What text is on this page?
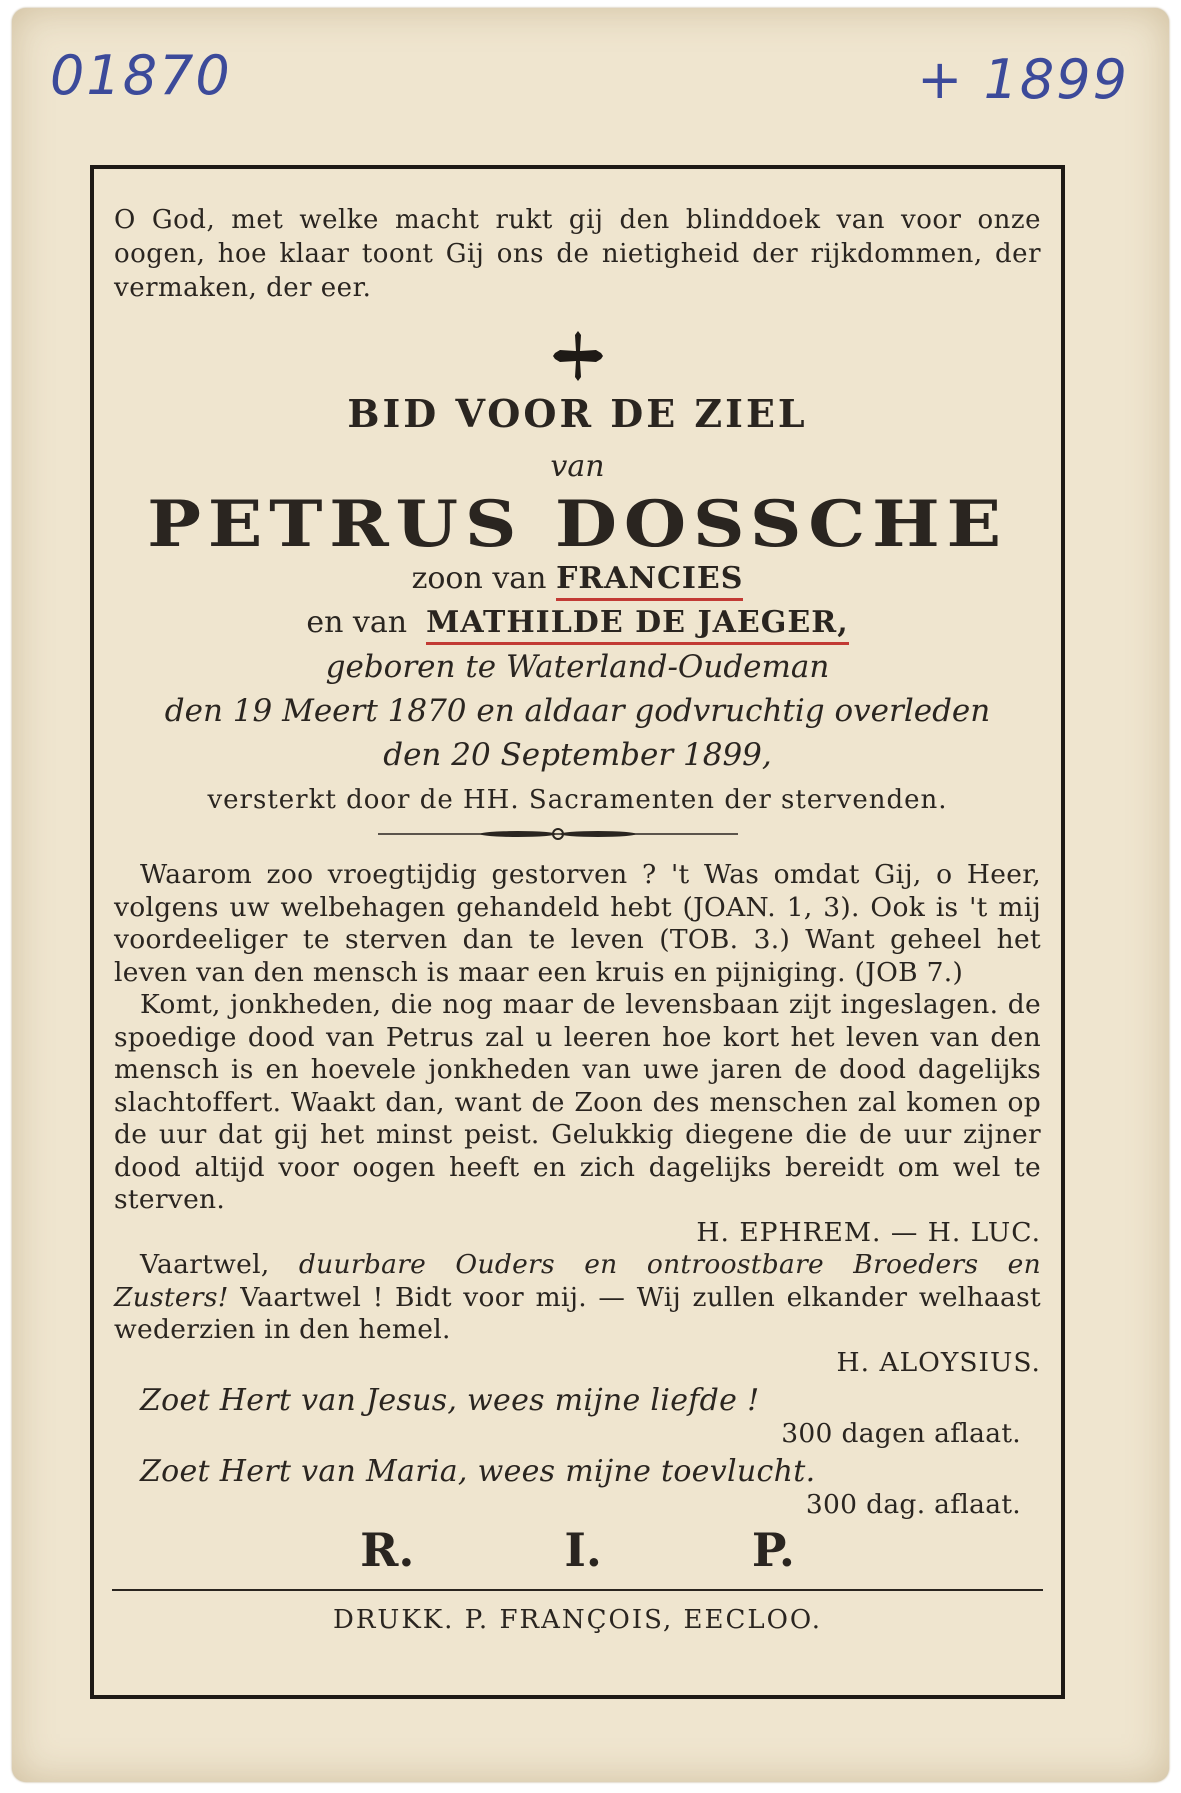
01870	+ 1899
O God, met welke macht rukt gij den blinddoek van voor onze oogen, hoe klaar toont Gij ons de nietigheid der rijkdommen, der vermaken, der eer.
BID VOOR DE ZIEL
van
PETRUS DOSSCHE
zoon van FRANCIES
en van MATHILDE DE JAEGER,
geboren te Waterland-Oudeman
den 19 Meert 1870 en aldaar godvruchtig overleden
den 20 September 1899,
versterkt door de HH. Sacramenten der stervenden.

Waarom zoo vroegtijdig gestorven ? 't Was omdat Gij, o Heer, volgens uw welbehagen gehandeld hebt (JOAN. 1, 3). Ook is 't mij voordeeliger te sterven dan te leven (TOB. 3.) Want geheel het leven van den mensch is maar een kruis en pijniging. (JOB 7.)

Komt, jonkheden, die nog maar de levensbaan zijt ingeslagen. de spoedige dood van Petrus zal u leeren hoe kort het leven van den mensch is en hoevele jonkheden van uwe jaren de dood dagelijks slachtoffert. Waakt dan, want de Zoon des menschen zal komen op de uur dat gij het minst peist. Gelukkig diegene die de uur zijner dood altijd voor oogen heeft en zich dagelijks bereidt om wel te sterven.

H. EPHREM. — H. LUC.

Vaartwel, duurbare Ouders en ontroostbare Broeders en Zusters! Vaartwel ! Bidt voor mij. — Wij zullen elkander welhaast wederzien in den hemel.

H. ALOYSIUS.

Zoet Hert van Jesus, wees mijne liefde !

300 dagen aflaat.

Zoet Hert van Maria, wees mijne toevlucht.

300 dag. aflaat.

R.	I.	P.
DRUKK. P. FRANÇOIS, EECLOO.
